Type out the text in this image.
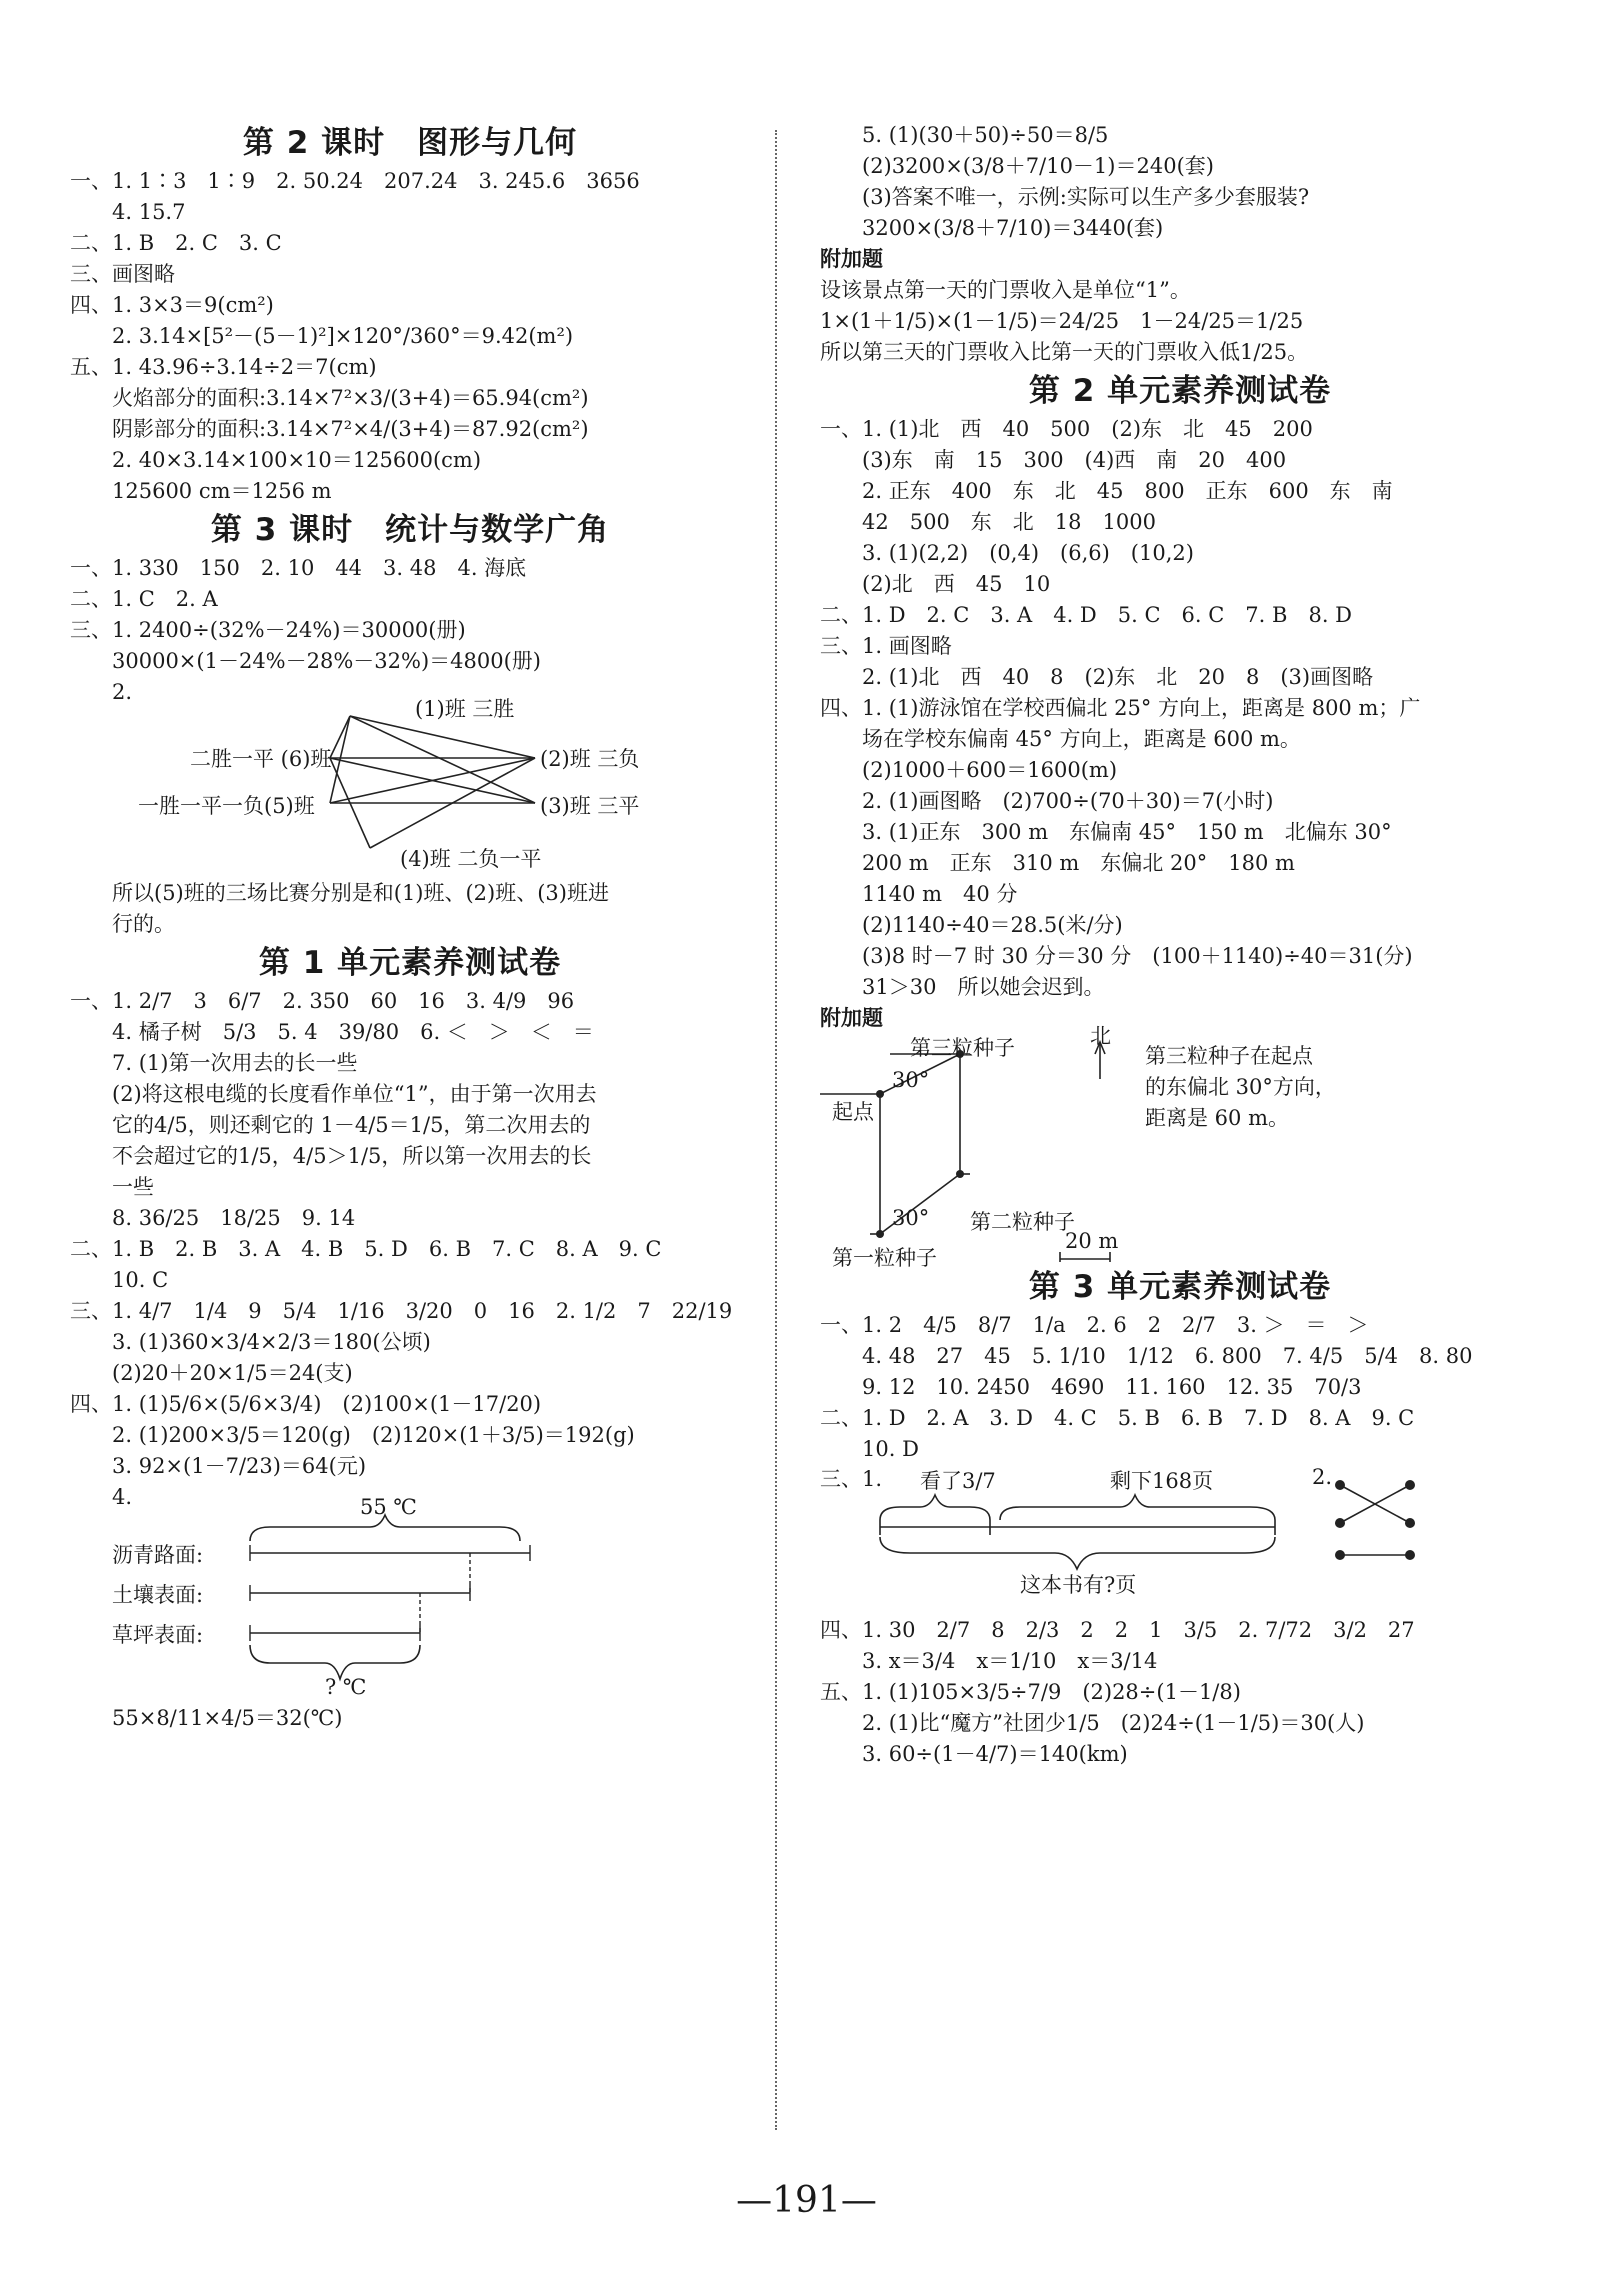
第 2 课时　图形与几何
一、1. 1∶3　1∶9　2. 50.24　207.24　3. 245.6　3656
　　4. 15.7
二、1. B　2. C　3. C
三、画图略
四、1. 3×3＝9(cm²)
　　2. 3.14×[5²－(5－1)²]×120°/360°＝9.42(m²)
五、1. 43.96÷3.14÷2＝7(cm)
　　火焰部分的面积:3.14×7²×3/(3+4)＝65.94(cm²)
　　阴影部分的面积:3.14×7²×4/(3+4)＝87.92(cm²)
　　2. 40×3.14×100×10＝125600(cm)
　　125600 cm＝1256 m
第 3 课时　统计与数学广角
一、1. 330　150　2. 10　44　3. 48　4. 海底
二、1. C　2. A
三、1. 2400÷(32%－24%)＝30000(册)
　　30000×(1－24%－28%－32%)＝4800(册)
　　2.
(1)班 三胜
二胜一平 (6)班
一胜一平一负(5)班
(2)班 三负
(3)班 三平
(4)班 二负一平
　　所以(5)班的三场比赛分别是和(1)班、(2)班、(3)班进
　　行的。
第 1 单元素养测试卷
一、1. 2/7　3　6/7　2. 350　60　16　3. 4/9　96
　　4. 橘子树　5/3　5. 4　39/80　6. ＜　＞　＜　＝
　　7. (1)第一次用去的长一些
　　(2)将这根电缆的长度看作单位“1”，由于第一次用去
　　它的4/5，则还剩它的 1－4/5＝1/5，第二次用去的
　　不会超过它的1/5，4/5＞1/5，所以第一次用去的长
　　一些
　　8. 36/25　18/25　9. 14
二、1. B　2. B　3. A　4. B　5. D　6. B　7. C　8. A　9. C
　　10. C
三、1. 4/7　1/4　9　5/4　1/16　3/20　0　16　2. 1/2　7　22/19
　　3. (1)360×3/4×2/3＝180(公顷)
　　(2)20＋20×1/5＝24(支)
四、1. (1)5/6×(5/6×3/4)　(2)100×(1－17/20)
　　2. (1)200×3/5＝120(g)　(2)120×(1＋3/5)＝192(g)
　　3. 92×(1－7/23)＝64(元)
　　4.	55 ℃
沥青路面:
土壤表面:
草坪表面:
? ℃
　　55×8/11×4/5＝32(℃)
　　5. (1)(30＋50)÷50＝8/5
　　(2)3200×(3/8＋7/10－1)＝240(套)
　　(3)答案不唯一，示例:实际可以生产多少套服装?
　　3200×(3/8＋7/10)＝3440(套)
附加题
设该景点第一天的门票收入是单位“1”。
1×(1＋1/5)×(1－1/5)＝24/25　1－24/25＝1/25
所以第三天的门票收入比第一天的门票收入低1/25。
第 2 单元素养测试卷
一、1. (1)北　西　40　500　(2)东　北　45　200
　　(3)东　南　15　300　(4)西　南　20　400
　　2. 正东　400　东　北　45　800　正东　600　东　南
　　42　500　东　北　18　1000
　　3. (1)(2,2)　(0,4)　(6,6)　(10,2)
　　(2)北　西　45　10
二、1. D　2. C　3. A　4. D　5. C　6. C　7. B　8. D
三、1. 画图略
　　2. (1)北　西　40　8　(2)东　北　20　8　(3)画图略
四、1. (1)游泳馆在学校西偏北 25° 方向上，距离是 800 m；广
　　场在学校东偏南 45° 方向上，距离是 600 m。
　　(2)1000＋600＝1600(m)
　　2. (1)画图略　(2)700÷(70＋30)＝7(小时)
　　3. (1)正东　300 m　东偏南 45°　150 m　北偏东 30°
　　200 m　正东　310 m　东偏北 20°　180 m
　　1140 m　40 分
　　(2)1140÷40＝28.5(米/分)
　　(3)8 时－7 时 30 分＝30 分　(100＋1140)÷40＝31(分)
　　31＞30　所以她会迟到。
附加题
第三粒种子	北
起点
30°
30° 第二粒种子
第一粒种子
20 m
第三粒种子在起点
的东偏北 30°方向，
距离是 60 m。
第 3 单元素养测试卷
一、1. 2　4/5　8/7　1/a　2. 6　2　2/7　3. ＞　＝　＞
　　4. 48　27　45　5. 1/10　1/12　6. 800　7. 4/5　5/4　8. 80
　　9. 12　10. 2450　4690　11. 160　12. 35　70/3
二、1. D　2. A　3. D　4. C　5. B　6. B　7. D　8. A　9. C
　　10. D
三、1. 看了3/7	剩下168页
这本书有?页
2.
四、1. 30　2/7　8　2/3　2　2　1　3/5　2. 7/72　3/2　27
　　3. x＝3/4　x＝1/10　x＝3/14
五、1. (1)105×3/5÷7/9　(2)28÷(1－1/8)
　　2. (1)比“魔方”社团少1/5　(2)24÷(1－1/5)＝30(人)
　　3. 60÷(1－4/7)＝140(km)
—191—
